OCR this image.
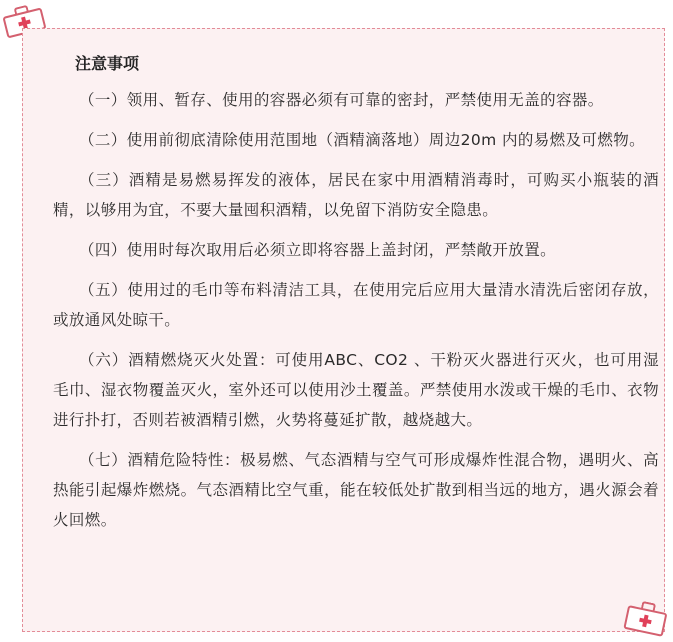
注意事项

（一）领用、暂存、使用的容器必须有可靠的密封，严禁使用无盖的容器。

（二）使用前彻底清除使用范围地（酒精滴落地）周边20m 内的易燃及可燃物。

（三）酒精是易燃易挥发的液体，居民在家中用酒精消毒时，可购买小瓶装的酒精，以够用为宜，不要大量囤积酒精，以免留下消防安全隐患。

（四）使用时每次取用后必须立即将容器上盖封闭，严禁敞开放置。

（五）使用过的毛巾等布料清洁工具，在使用完后应用大量清水清洗后密闭存放，或放通风处晾干。

（六）酒精燃烧灭火处置：可使用ABC、CO2 、干粉灭火器进行灭火，也可用湿毛巾、湿衣物覆盖灭火，室外还可以使用沙土覆盖。严禁使用水泼或干燥的毛巾、衣物进行扑打，否则若被酒精引燃，火势将蔓延扩散，越烧越大。

（七）酒精危险特性：极易燃、气态酒精与空气可形成爆炸性混合物，遇明火、高热能引起爆炸燃烧。气态酒精比空气重，能在较低处扩散到相当远的地方，遇火源会着火回燃。
